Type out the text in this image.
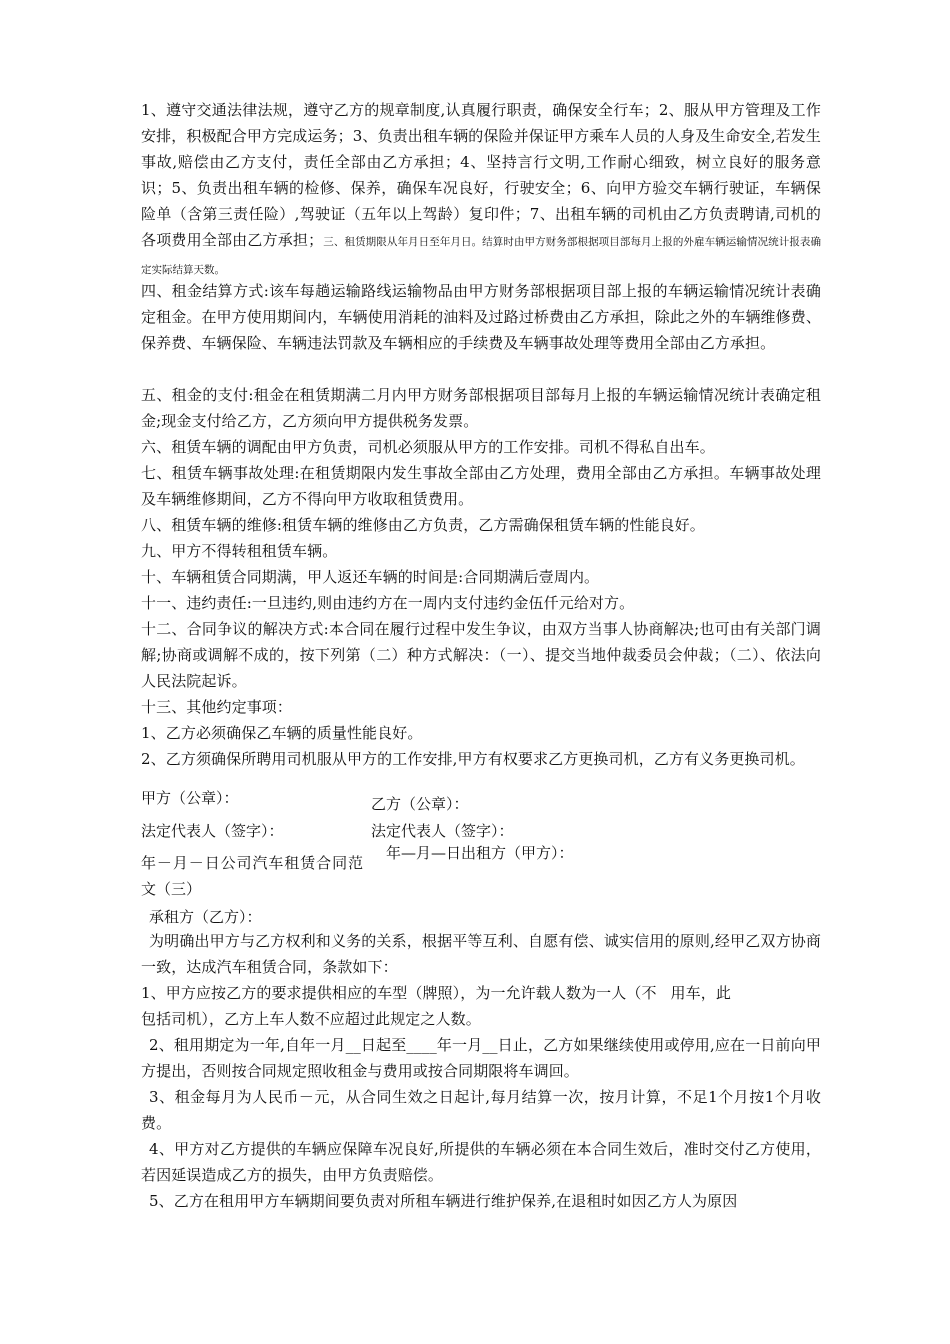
1、遵守交通法律法规，遵守乙方的规章制度,认真履行职责，确保安全行车；2、服从甲方管理及工作安排，积极配合甲方完成运务；3、负责出租车辆的保险并保证甲方乘车人员的人身及生命安全,若发生事故,赔偿由乙方支付，责任全部由乙方承担；4、坚持言行文明,工作耐心细致，树立良好的服务意识；5、负责出租车辆的检修、保养，确保车况良好，行驶安全；6、向甲方验交车辆行驶证，车辆保险单（含第三责任险）,驾驶证（五年以上驾龄）复印件；7、出租车辆的司机由乙方负责聘请,司机的各项费用全部由乙方承担；三、租赁期限从年月日至年月日。结算时由甲方财务部根据项目部每月上报的外雇车辆运输情况统计报表确定实际结算天数。
四、租金结算方式:该车每趟运输路线运输物品由甲方财务部根据项目部上报的车辆运输情况统计表确定租金。在甲方使用期间内，车辆使用消耗的油料及过路过桥费由乙方承担，除此之外的车辆维修费、保养费、车辆保险、车辆违法罚款及车辆相应的手续费及车辆事故处理等费用全部由乙方承担。
五、租金的支付:租金在租赁期满二月内甲方财务部根据项目部每月上报的车辆运输情况统计表确定租金;现金支付给乙方，乙方须向甲方提供税务发票。
六、租赁车辆的调配由甲方负责，司机必须服从甲方的工作安排。司机不得私自出车。
七、租赁车辆事故处理:在租赁期限内发生事故全部由乙方处理，费用全部由乙方承担。车辆事故处理及车辆维修期间，乙方不得向甲方收取租赁费用。
八、租赁车辆的维修:租赁车辆的维修由乙方负责，乙方需确保租赁车辆的性能良好。
九、甲方不得转租租赁车辆。
十、车辆租赁合同期满，甲人返还车辆的时间是:合同期满后壹周内。
十一、违约责任:一旦违约,则由违约方在一周内支付违约金伍仟元给对方。
十二、合同争议的解决方式:本合同在履行过程中发生争议，由双方当事人协商解决;也可由有关部门调解;协商或调解不成的，按下列第（二）种方式解决：（一）、提交当地仲裁委员会仲裁；（二）、依法向人民法院起诉。
十三、其他约定事项：
1、乙方必须确保乙车辆的质量性能良好。
2、乙方须确保所聘用司机服从甲方的工作安排,甲方有权要求乙方更换司机，乙方有义务更换司机。
甲方（公章）：	乙方（公章）：
法定代表人（签字）：	法定代表人（签字）：
年－月－日公司汽车租赁合同范文（三）
年—月—日出租方（甲方）：
承租方（乙方）：
为明确出甲方与乙方权利和义务的关系，根据平等互利、自愿有偿、诚实信用的原则,经甲乙双方协商一致，达成汽车租赁合同，条款如下：
1、甲方应按乙方的要求提供相应的车型（牌照），为一允许载人数为一人（不 用车，此
包括司机），乙方上车人数不应超过此规定之人数。
2、租用期定为一年,自年一月__日起至____年一月__日止，乙方如果继续使用或停用,应在一日前向甲方提出，否则按合同规定照收租金与费用或按合同期限将车调回。
3、租金每月为人民币－元，从合同生效之日起计,每月结算一次，按月计算，不足1个月按1个月收费。
4、甲方对乙方提供的车辆应保障车况良好,所提供的车辆必须在本合同生效后，准时交付乙方使用，若因延误造成乙方的损失，由甲方负责赔偿。
5、乙方在租用甲方车辆期间要负责对所租车辆进行维护保养,在退租时如因乙方人为原因
